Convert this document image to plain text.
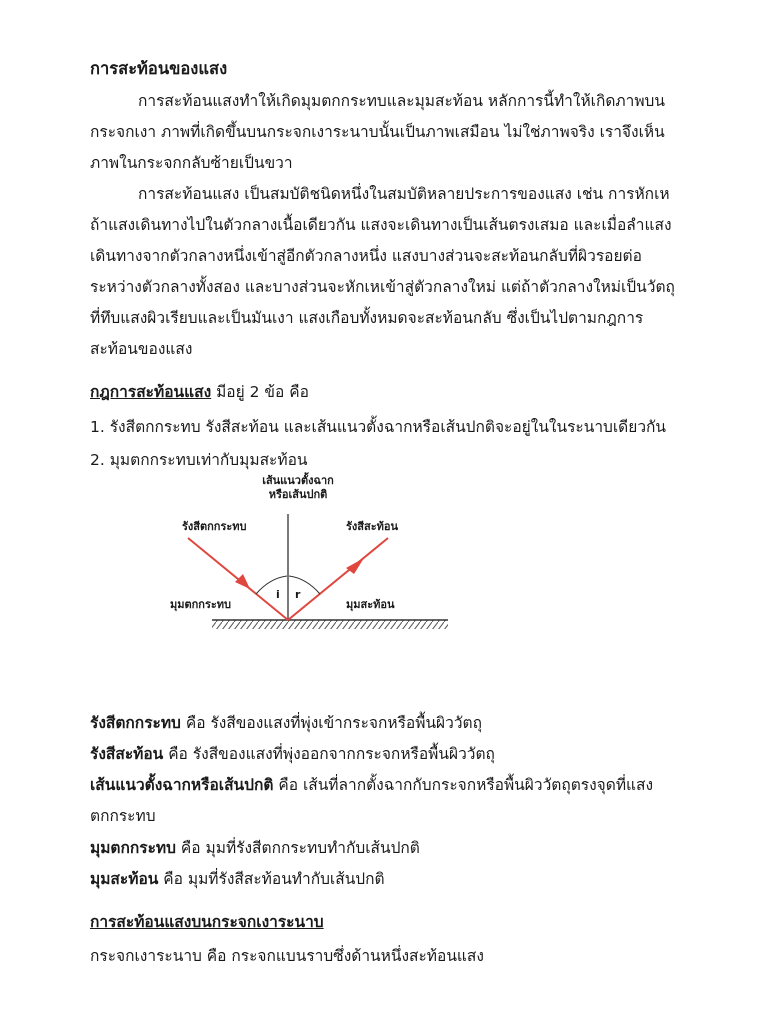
การสะท้อนของแสง

การสะท้อนแสงทำให้เกิดมุมตกกระทบและมุมสะท้อน หลักการนี้ทำให้เกิดภาพบน

กระจกเงา ภาพที่เกิดขึ้นบนกระจกเงาระนาบนั้นเป็นภาพเสมือน ไม่ใช่ภาพจริง เราจึงเห็น

ภาพในกระจกกลับซ้ายเป็นขวา

การสะท้อนแสง เป็นสมบัติชนิดหนึ่งในสมบัติหลายประการของแสง เช่น การหักเห

ถ้าแสงเดินทางไปในตัวกลางเนื้อเดียวกัน แสงจะเดินทางเป็นเส้นตรงเสมอ และเมื่อลำแสง

เดินทางจากตัวกลางหนึ่งเข้าสู่อีกตัวกลางหนึ่ง แสงบางส่วนจะสะท้อนกลับที่ผิวรอยต่อ

ระหว่างตัวกลางทั้งสอง และบางส่วนจะหักเหเข้าสู่ตัวกลางใหม่ แต่ถ้าตัวกลางใหม่เป็นวัตถุ

ที่ทึบแสงผิวเรียบและเป็นมันเงา แสงเกือบทั้งหมดจะสะท้อนกลับ ซึ่งเป็นไปตามกฎการ

สะท้อนของแสง

กฎการสะท้อนแสง มีอยู่ 2 ข้อ คือ

1. รังสีตกกระทบ รังสีสะท้อน และเส้นแนวตั้งฉากหรือเส้นปกติจะอยู่ในในระนาบเดียวกัน

2. มุมตกกระทบเท่ากับมุมสะท้อน

เส้นแนวตั้งฉาก
หรือเส้นปกติ
รังสีตกกระทบ	รังสีสะท้อน
i r
มุมตกกระทบ	มุมสะท้อน

รังสีตกกระทบ คือ รังสีของแสงที่พุ่งเข้ากระจกหรือพื้นผิววัตถุ

รังสีสะท้อน คือ รังสีของแสงที่พุ่งออกจากกระจกหรือพื้นผิววัตถุ

เส้นแนวตั้งฉากหรือเส้นปกติ คือ เส้นที่ลากตั้งฉากกับกระจกหรือพื้นผิววัตถุตรงจุดที่แสง

ตกกระทบ

มุมตกกระทบ คือ มุมที่รังสีตกกระทบทำกับเส้นปกติ

มุมสะท้อน คือ มุมที่รังสีสะท้อนทำกับเส้นปกติ

การสะท้อนแสงบนกระจกเงาระนาบ

กระจกเงาระนาบ คือ กระจกแบนราบซึ่งด้านหนึ่งสะท้อนแสง
